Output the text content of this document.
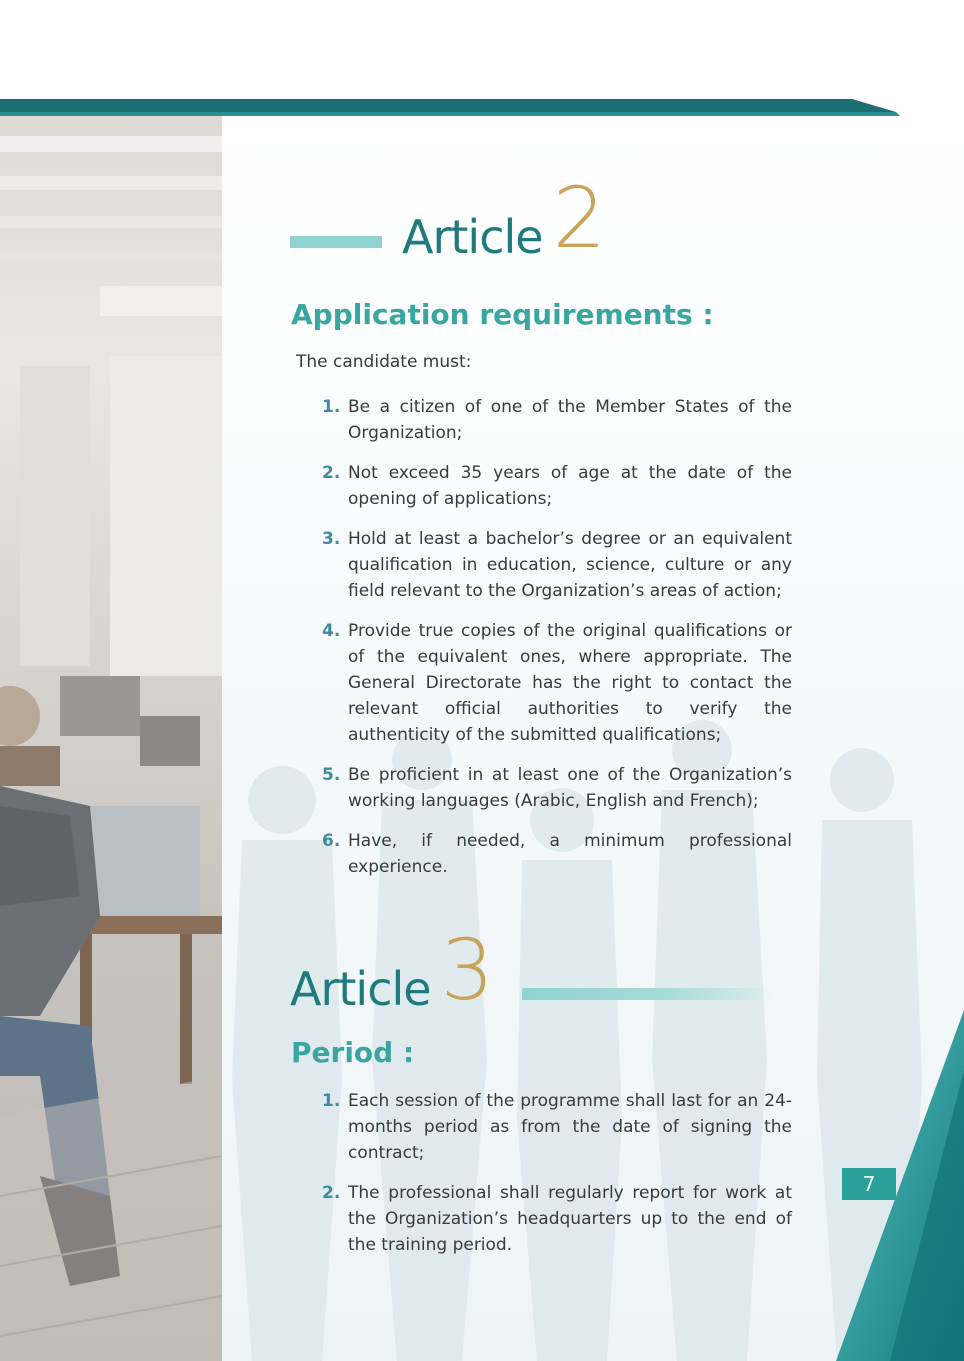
Article 2
Application requirements :

The candidate must:

1. Be a citizen of one of the Member States of the Organization;
2. Not exceed 35 years of age at the date of the opening of applications;
3. Hold at least a bachelor’s degree or an equivalent qualification in education, science, culture or any field relevant to the Organization’s areas of action;
4. Provide true copies of the original qualifications or of the equivalent ones, where appropriate. The General Directorate has the right to contact the relevant official authorities to verify the authenticity of the submitted qualifications;
5. Be proficient in at least one of the Organization’s working languages (Arabic, English and French);
6. Have, if needed, a minimum professional experience.
Article 3
Period :
1. Each session of the programme shall last for an 24-months period as from the date of signing the contract;
2. The professional shall regularly report for work at the Organization’s headquarters up to the end of the training period.
7
